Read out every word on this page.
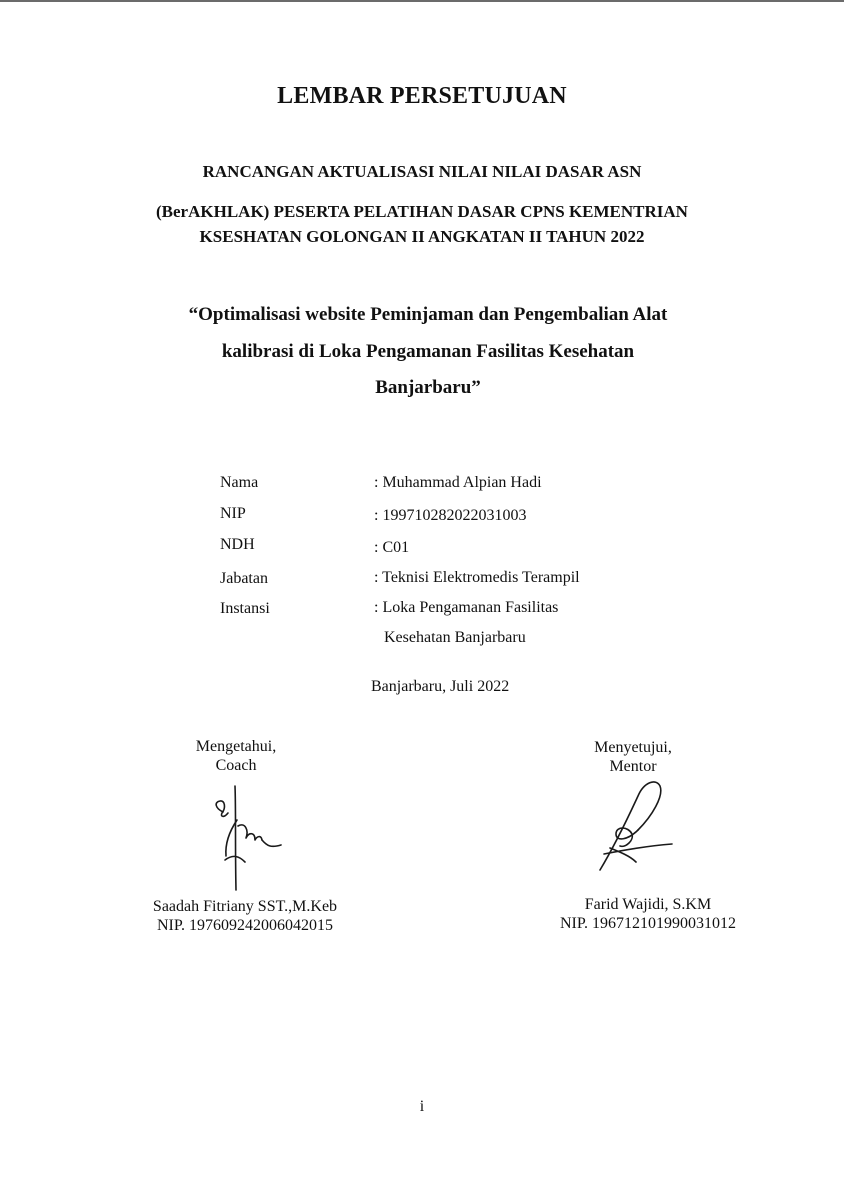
LEMBAR PERSETUJUAN
RANCANGAN AKTUALISASI NILAI NILAI DASAR ASN
(BerAKHLAK) PESERTA PELATIHAN DASAR CPNS KEMENTRIAN
KSESHATAN GOLONGAN II ANGKATAN II TAHUN 2022
“Optimalisasi website Peminjaman dan Pengembalian Alat
kalibrasi di Loka Pengamanan Fasilitas Kesehatan
Banjarbaru”
Nama	: Muhammad Alpian Hadi
NIP	: 199710282022031003
NDH	: C01
Jabatan	: Teknisi Elektromedis Terampil
Instansi	: Loka Pengamanan Fasilitas
Kesehatan Banjarbaru
Banjarbaru, Juli 2022
Mengetahui,
Coach
Saadah Fitriany SST.,M.Keb
NIP. 197609242006042015
Menyetujui,
Mentor
Farid Wajidi, S.KM
NIP. 196712101990031012
i
